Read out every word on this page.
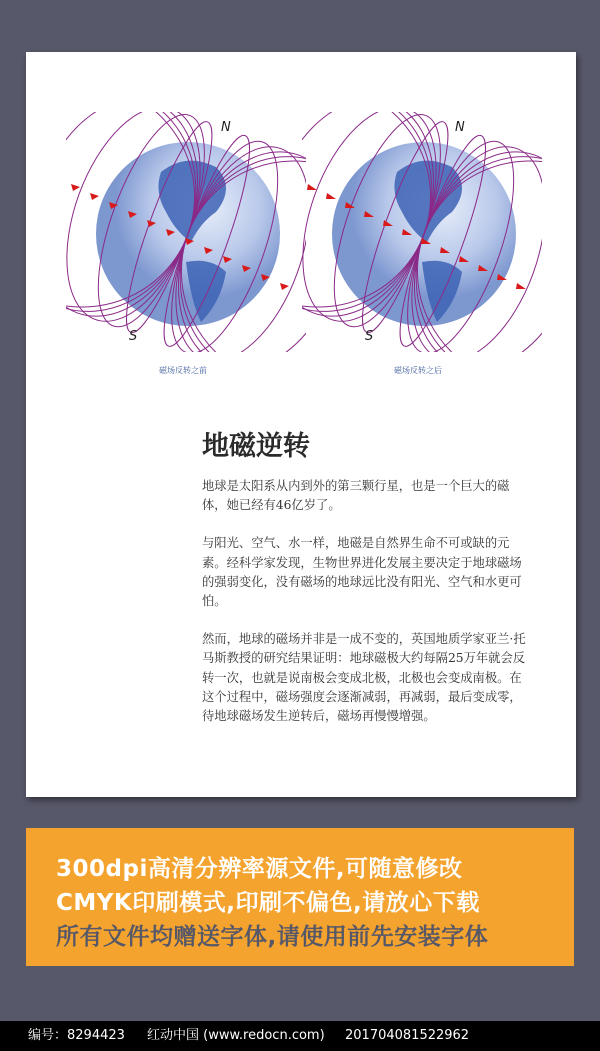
N
S
磁场反转之前
N
S
磁场反转之后
地磁逆转

地球是太阳系从内到外的第三颗行星，也是一个巨大的磁体，她已经有46亿岁了。

与阳光、空气、水一样，地磁是自然界生命不可或缺的元素。经科学家发现，生物世界进化发展主要决定于地球磁场的强弱变化，没有磁场的地球远比没有阳光、空气和水更可怕。

然而，地球的磁场并非是一成不变的，英国地质学家亚兰·托马斯教授的研究结果证明：地球磁极大约每隔25万年就会反转一次，也就是说南极会变成北极，北极也会变成南极。在这个过程中，磁场强度会逐渐减弱，再减弱，最后变成零，待地球磁场发生逆转后，磁场再慢慢增强。

300dpi高清分辨率源文件,可随意修改
CMYK印刷模式,印刷不偏色,请放心下载
所有文件均赠送字体,请使用前先安装字体
编号：8294423 红动中国 (www.redocn.com) 201704081522962
